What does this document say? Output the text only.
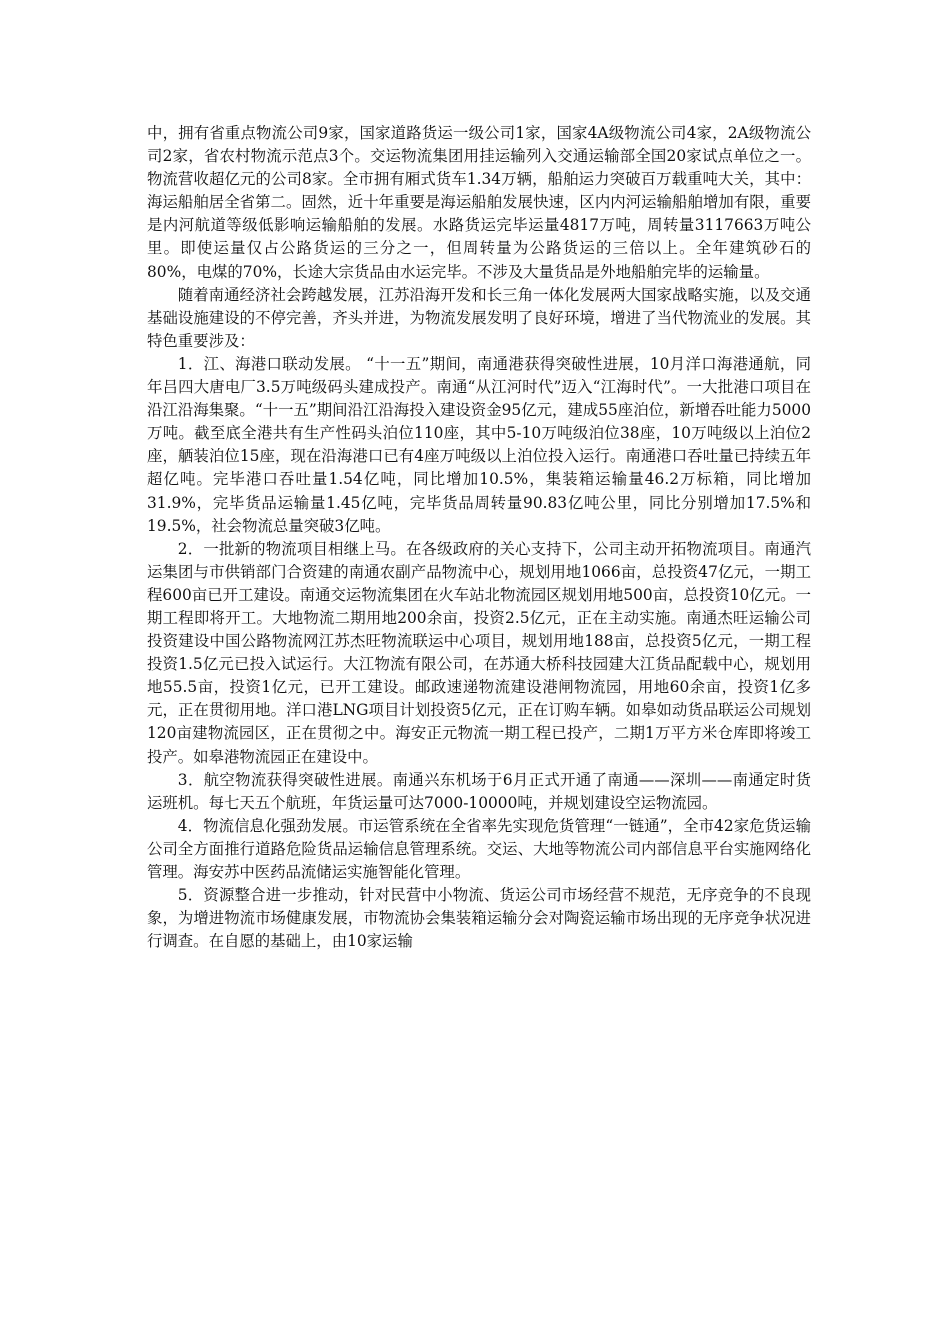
中，拥有省重点物流公司9家，国家道路货运一级公司1家，国家4A级物流公司4家，2A级物流公司2家，省农村物流示范点3个。交运物流集团用挂运输列入交通运输部全国20家试点单位之一。物流营收超亿元的公司8家。全市拥有厢式货车1.34万辆，船舶运力突破百万载重吨大关，其中：海运船舶居全省第二。固然，近十年重要是海运船舶发展快速，区内内河运输船舶增加有限，重要是内河航道等级低影响运输船舶的发展。水路货运完毕运量4817万吨，周转量3117663万吨公里。即使运量仅占公路货运的三分之一，但周转量为公路货运的三倍以上。全年建筑砂石的80%，电煤的70%，长途大宗货品由水运完毕。不涉及大量货品是外地船舶完毕的运输量。

随着南通经济社会跨越发展，江苏沿海开发和长三角一体化发展两大国家战略实施，以及交通基础设施建设的不停完善，齐头并进，为物流发展发明了良好环境，增进了当代物流业的发展。其特色重要涉及：

1．江、海港口联动发展。 “十一五”期间，南通港获得突破性进展，10月洋口海港通航，同年吕四大唐电厂3.5万吨级码头建成投产。南通“从江河时代”迈入“江海时代”。一大批港口项目在沿江沿海集聚。“十一五”期间沿江沿海投入建设资金95亿元，建成55座泊位，新增吞吐能力5000万吨。截至底全港共有生产性码头泊位110座，其中5-10万吨级泊位38座，10万吨级以上泊位2座，舾装泊位15座，现在沿海港口已有4座万吨级以上泊位投入运行。南通港口吞吐量已持续五年超亿吨。完毕港口吞吐量1.54亿吨，同比增加10.5%，集装箱运输量46.2万标箱，同比增加31.9%，完毕货品运输量1.45亿吨，完毕货品周转量90.83亿吨公里，同比分别增加17.5%和19.5%，社会物流总量突破3亿吨。

2．一批新的物流项目相继上马。在各级政府的关心支持下，公司主动开拓物流项目。南通汽运集团与市供销部门合资建的南通农副产品物流中心，规划用地1066亩，总投资47亿元，一期工程600亩已开工建设。南通交运物流集团在火车站北物流园区规划用地500亩，总投资10亿元。一期工程即将开工。大地物流二期用地200余亩，投资2.5亿元，正在主动实施。南通杰旺运输公司投资建设中国公路物流网江苏杰旺物流联运中心项目，规划用地188亩，总投资5亿元，一期工程投资1.5亿元已投入试运行。大江物流有限公司，在苏通大桥科技园建大江货品配载中心，规划用地55.5亩，投资1亿元，已开工建设。邮政速递物流建设港闸物流园，用地60余亩，投资1亿多元，正在贯彻用地。洋口港LNG项目计划投资5亿元，正在订购车辆。如皋如动货品联运公司规划120亩建物流园区，正在贯彻之中。海安正元物流一期工程已投产，二期1万平方米仓库即将竣工投产。如皋港物流园正在建设中。

3．航空物流获得突破性进展。南通兴东机场于6月正式开通了南通——深圳——南通定时货运班机。每七天五个航班，年货运量可达7000-10000吨，并规划建设空运物流园。

4．物流信息化强劲发展。市运管系统在全省率先实现危货管理“一链通”，全市42家危货运输公司全方面推行道路危险货品运输信息管理系统。交运、大地等物流公司内部信息平台实施网络化管理。海安苏中医药品流储运实施智能化管理。

5．资源整合进一步推动，针对民营中小物流、货运公司市场经营不规范，无序竞争的不良现象，为增进物流市场健康发展，市物流协会集装箱运输分会对陶瓷运输市场出现的无序竞争状况进行调查。在自愿的基础上，由10家运输
